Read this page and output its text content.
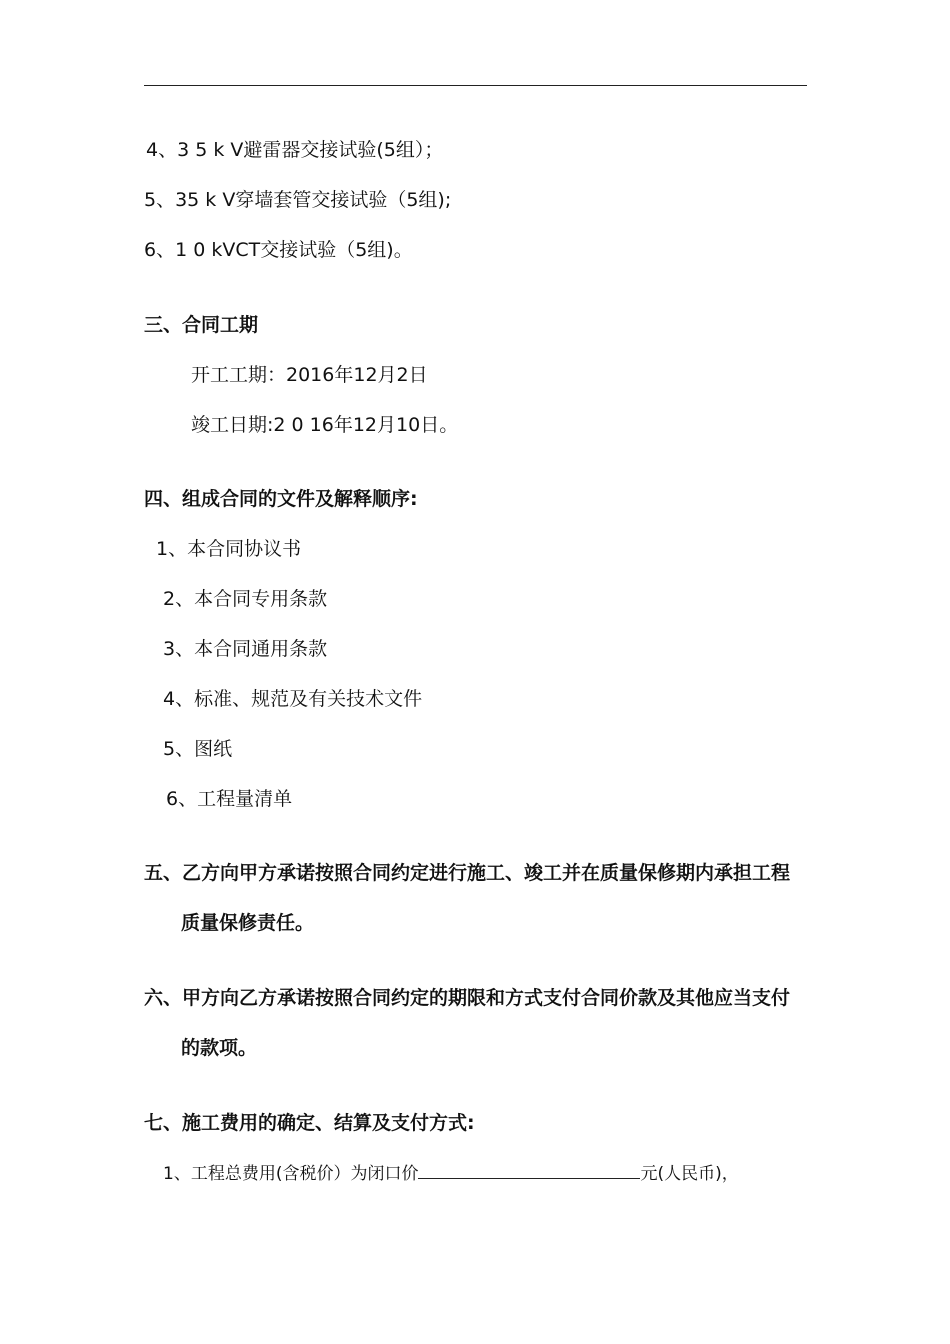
4、3 5 k V避雷器交接试验(5组）；
5、35 k V穿墙套管交接试验（5组);
6、1 0 kVCT交接试验（5组)。
三、合同工期
开工工期：2016年12月2日
竣工日期:2 0 16年12月10日。
四、组成合同的文件及解释顺序:
1、本合同协议书
2、本合同专用条款
3、本合同通用条款
4、标准、规范及有关技术文件
5、图纸
6、工程量清单
五、乙方向甲方承诺按照合同约定进行施工、竣工并在质量保修期内承担工程
质量保修责任。
六、甲方向乙方承诺按照合同约定的期限和方式支付合同价款及其他应当支付
的款项。
七、施工费用的确定、结算及支付方式:
1、工程总费用(含税价）为闭口价	元(人民币)，
